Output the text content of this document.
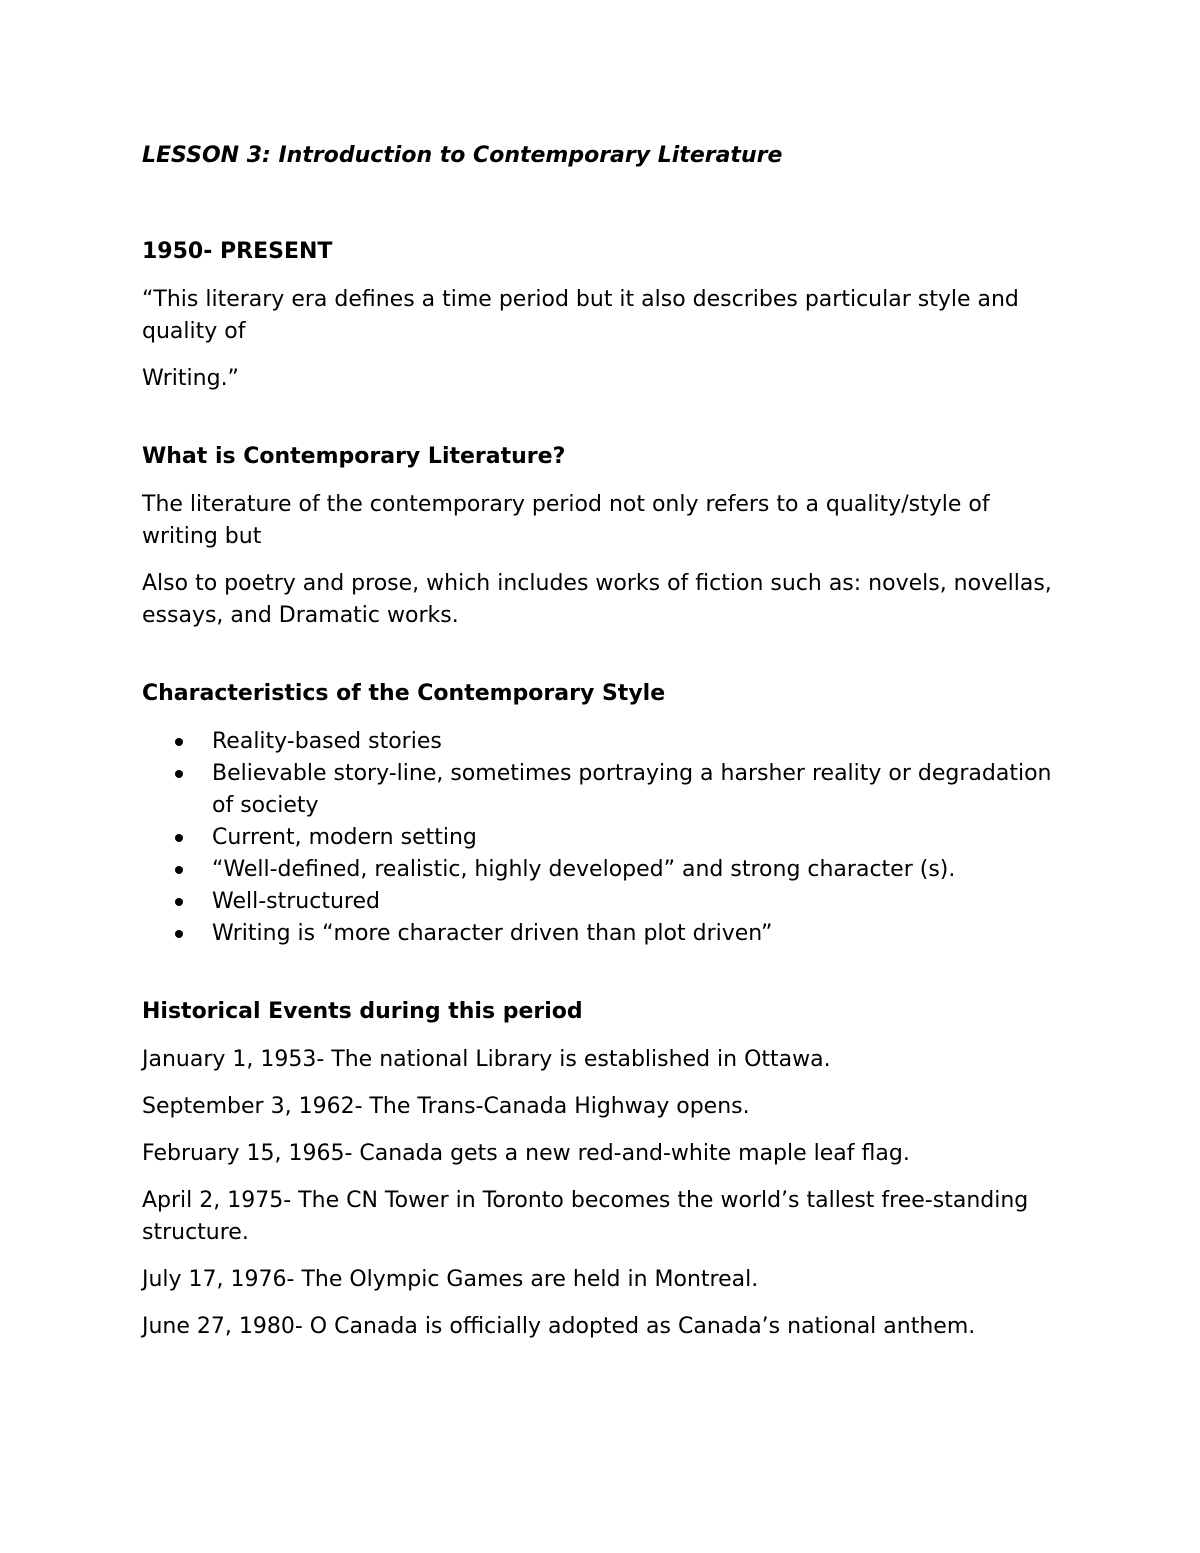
LESSON 3: Introduction to Contemporary Literature

1950- PRESENT

“This literary era defines a time period but it also describes particular style and quality of

Writing.”

What is Contemporary Literature?

The literature of the contemporary period not only refers to a quality/style of writing but

Also to poetry and prose, which includes works of fiction such as: novels, novellas, essays, and Dramatic works.

Characteristics of the Contemporary Style

Reality-based stories
Believable story-line, sometimes portraying a harsher reality or degradation of society
Current, modern setting
“Well-defined, realistic, highly developed” and strong character (s).
Well-structured
Writing is “more character driven than plot driven”

Historical Events during this period

January 1, 1953- The national Library is established in Ottawa.

September 3, 1962- The Trans-Canada Highway opens.

February 15, 1965- Canada gets a new red-and-white maple leaf flag.

April 2, 1975- The CN Tower in Toronto becomes the world’s tallest free-standing structure.

July 17, 1976- The Olympic Games are held in Montreal.

June 27, 1980- O Canada is officially adopted as Canada’s national anthem.
